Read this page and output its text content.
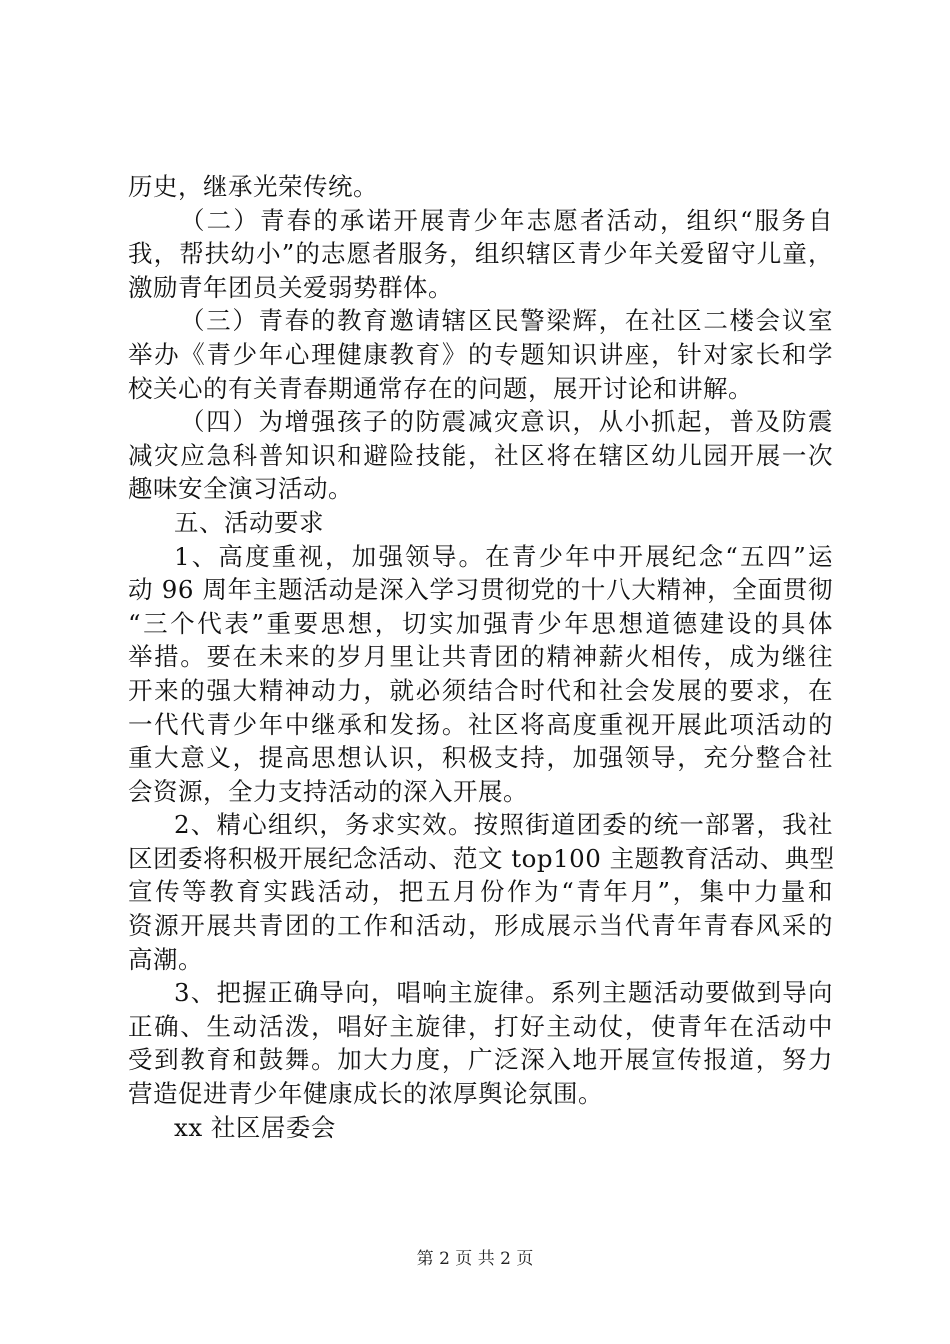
历史，继承光荣传统。
（二）青春的承诺开展青少年志愿者活动，组织“服务自
我，帮扶幼小”的志愿者服务，组织辖区青少年关爱留守儿童，
激励青年团员关爱弱势群体。
（三）青春的教育邀请辖区民警梁辉，在社区二楼会议室
举办《青少年心理健康教育》的专题知识讲座，针对家长和学
校关心的有关青春期通常存在的问题，展开讨论和讲解。
（四）为增强孩子的防震减灾意识，从小抓起，普及防震
减灾应急科普知识和避险技能，社区将在辖区幼儿园开展一次
趣味安全演习活动。
五、活动要求
1、高度重视，加强领导。在青少年中开展纪念“五四”运
动 96 周年主题活动是深入学习贯彻党的十八大精神，全面贯彻
“三个代表”重要思想，切实加强青少年思想道德建设的具体
举措。要在未来的岁月里让共青团的精神薪火相传，成为继往
开来的强大精神动力，就必须结合时代和社会发展的要求，在
一代代青少年中继承和发扬。社区将高度重视开展此项活动的
重大意义，提高思想认识，积极支持，加强领导，充分整合社
会资源，全力支持活动的深入开展。
2、精心组织，务求实效。按照街道团委的统一部署，我社
区团委将积极开展纪念活动、范文 top100 主题教育活动、典型
宣传等教育实践活动，把五月份作为“青年月”，集中力量和
资源开展共青团的工作和活动，形成展示当代青年青春风采的
高潮。
3、把握正确导向，唱响主旋律。系列主题活动要做到导向
正确、生动活泼，唱好主旋律，打好主动仗，使青年在活动中
受到教育和鼓舞。加大力度，广泛深入地开展宣传报道，努力
营造促进青少年健康成长的浓厚舆论氛围。
xx 社区居委会
第 2 页 共 2 页
